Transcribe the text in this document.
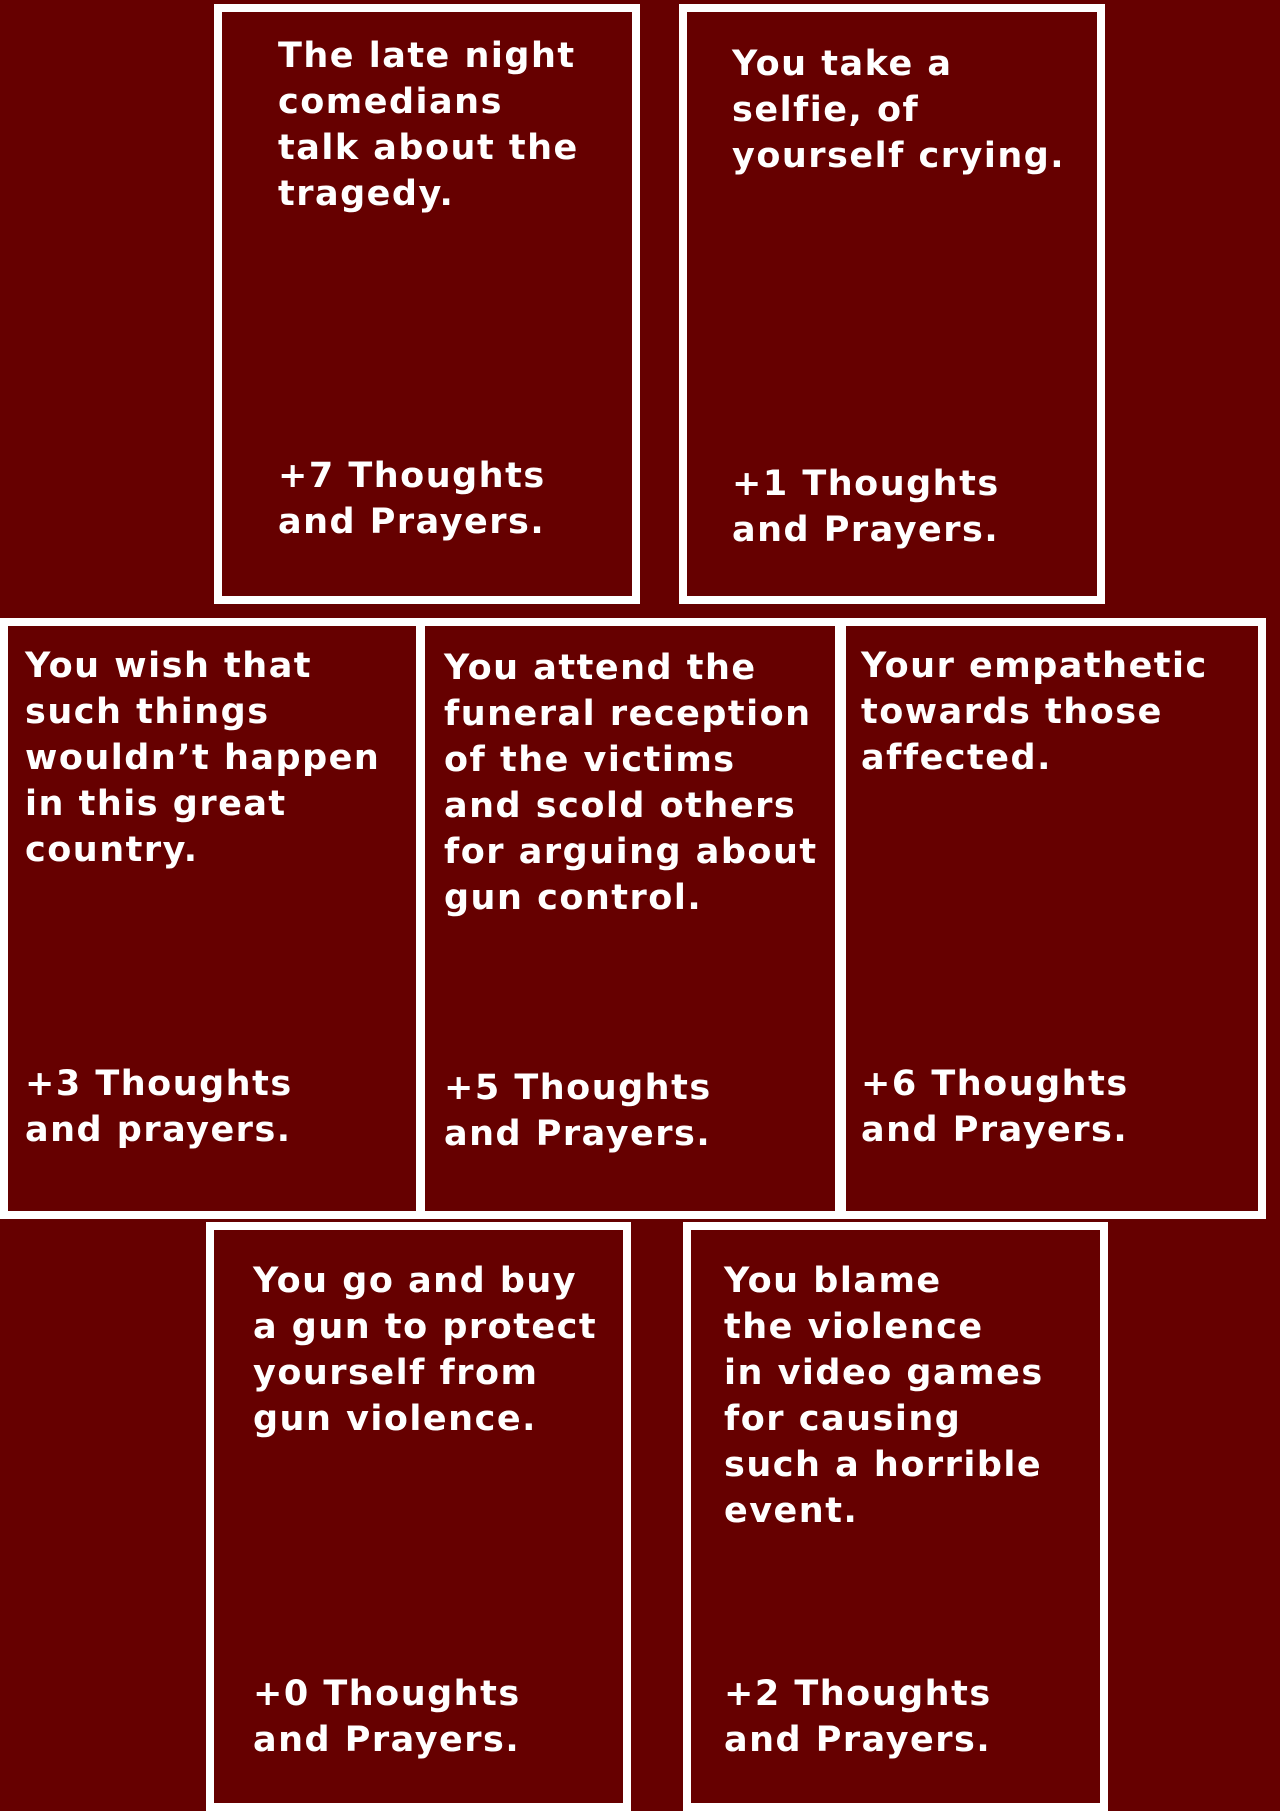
The late night
comedians
talk about the
tragedy.

+7 Thoughts
and Prayers.

You take a
selfie, of
yourself crying.

+1 Thoughts
and Prayers.

You wish that
such things
wouldn’t happen
in this great
country.

+3 Thoughts
and prayers.

You attend the
funeral reception
of the victims
and scold others
for arguing about
gun control.

+5 Thoughts
and Prayers.

Your empathetic
towards those
affected.

+6 Thoughts
and Prayers.

You go and buy
a gun to protect
yourself from
gun violence.

+0 Thoughts
and Prayers.

You blame
the violence
in video games
for causing
such a horrible
event.

+2 Thoughts
and Prayers.
